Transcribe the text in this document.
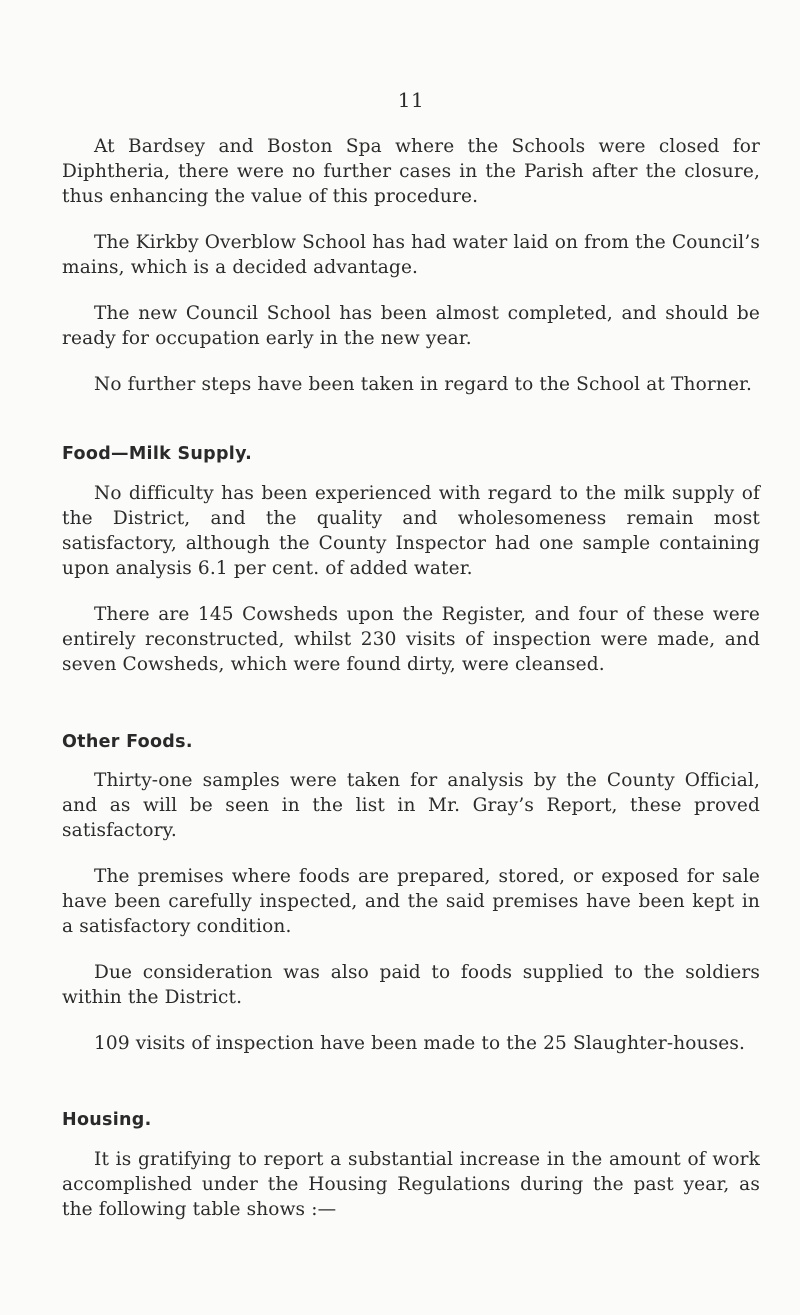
11

At Bardsey and Boston Spa where the Schools were closed for Diphtheria, there were no further cases in the Parish after the closure, thus enhancing the value of this procedure.

The Kirkby Overblow School has had water laid on from the Council’s mains, which is a decided advantage.

The new Council School has been almost completed, and should be ready for occupation early in the new year.

No further steps have been taken in regard to the School at Thorner.

Food—Milk Supply.

No difficulty has been experienced with regard to the milk supply of the District, and the quality and wholesomeness remain most satisfactory, although the County Inspector had one sample containing upon analysis 6.1 per cent. of added water.

There are 145 Cowsheds upon the Register, and four of these were entirely reconstructed, whilst 230 visits of inspection were made, and seven Cowsheds, which were found dirty, were cleansed.

Other Foods.

Thirty-one samples were taken for analysis by the County Official, and as will be seen in the list in Mr. Gray’s Report, these proved satisfactory.

The premises where foods are prepared, stored, or exposed for sale have been carefully inspected, and the said premises have been kept in a satisfactory condition.

Due consideration was also paid to foods supplied to the soldiers within the District.

109 visits of inspection have been made to the 25 Slaughter-houses.

Housing.

It is gratifying to report a substantial increase in the amount of work accomplished under the Housing Regulations during the past year, as the following table shows :—
